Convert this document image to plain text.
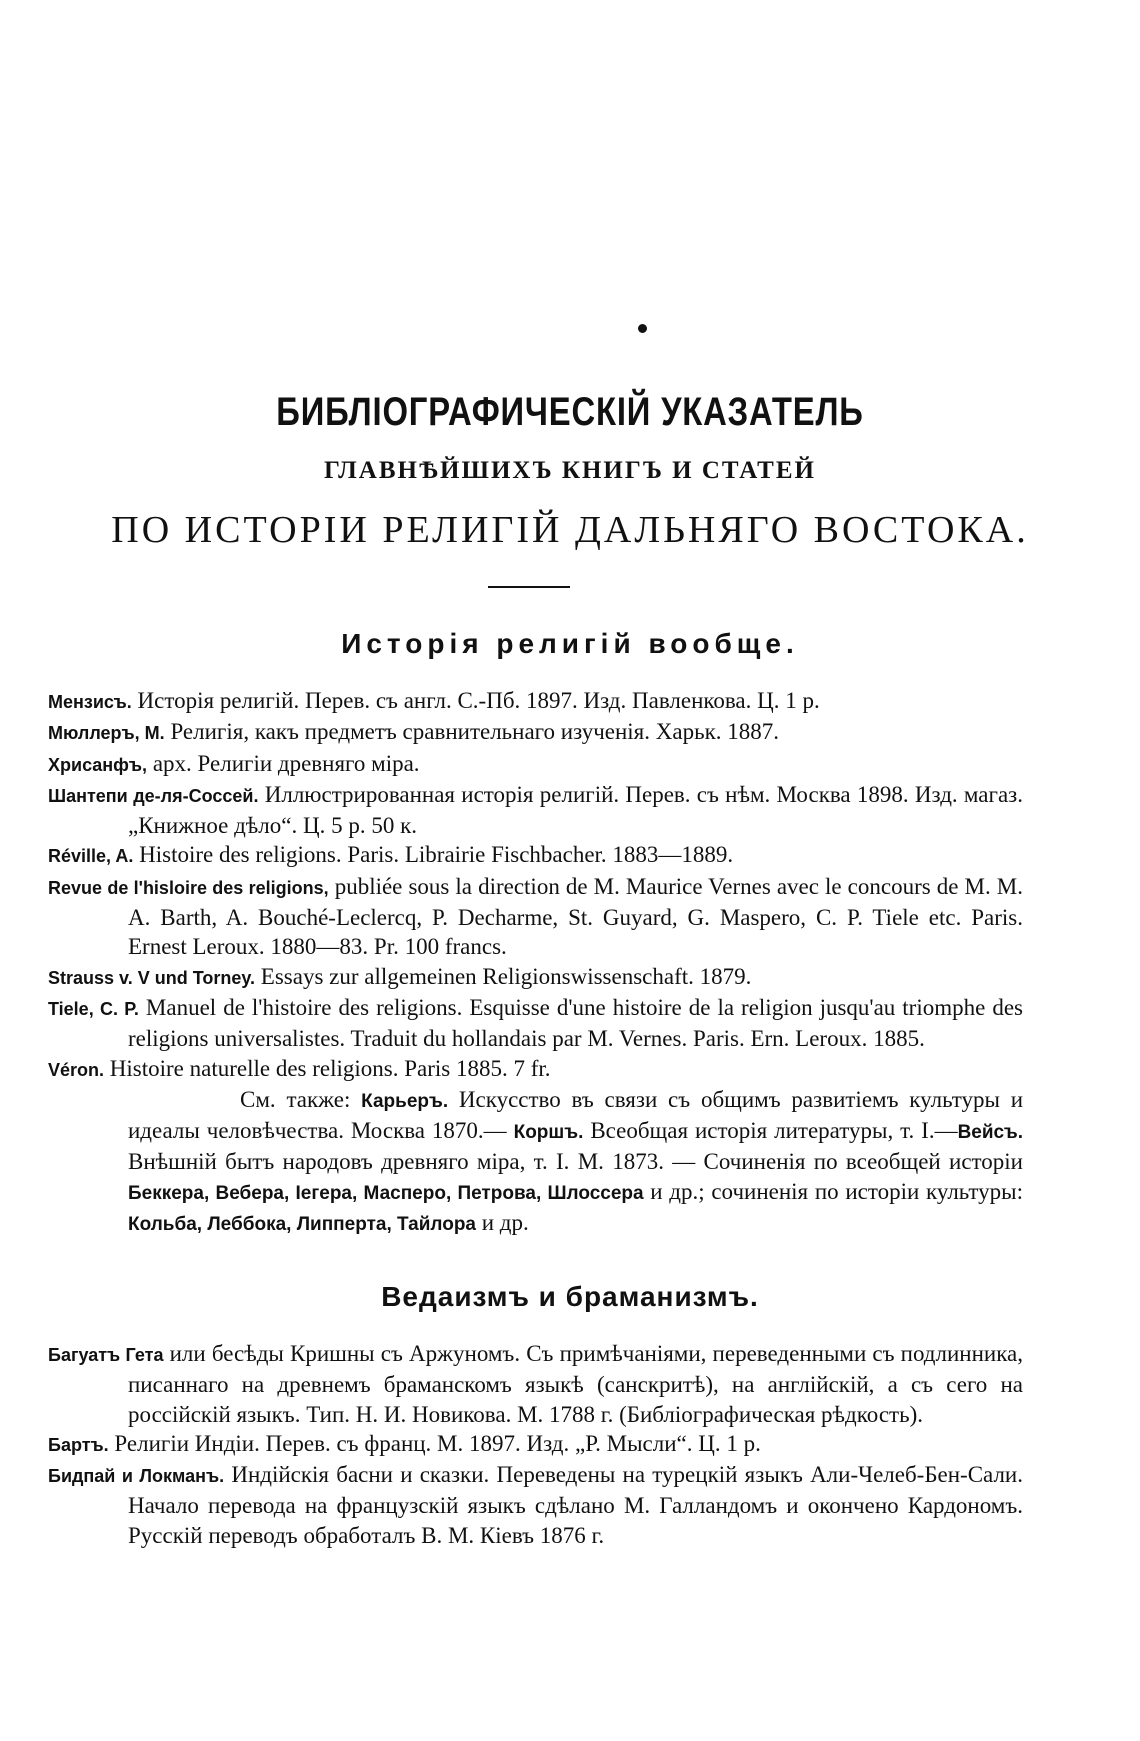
БИБЛІОГРАФИЧЕСКІЙ УКАЗАТЕЛЬ
ГЛАВНѢЙШИХЪ КНИГЪ И СТАТЕЙ
ПО ИСТОРІИ РЕЛИГІЙ ДАЛЬНЯГО ВОСТОКА.
Исторія религій вообще.
Мензисъ. Исторія религій. Перев. съ англ. С.-Пб. 1897. Изд. Павленкова. Ц. 1 р.
Мюллеръ, М. Религія, какъ предметъ сравнительнаго изученія. Харьк. 1887.
Хрисанфъ, арх. Религіи древняго міра.
Шантепи де-ля-Соссей. Иллюстрированная исторія религій. Перев. съ нѣм. Москва 1898. Изд. магаз. „Книжное дѣло“. Ц. 5 р. 50 к.
Réville, A. Histoire des religions. Paris. Librairie Fischbacher. 1883—1889.
Revue de l'hisloire des religions, publiée sous la direction de M. Maurice Vernes avec le concours de M. M. A. Barth, A. Bouché-Leclercq, P. Decharme, St. Guyard, G. Maspero, C. P. Tiele etc. Paris. Ernest Leroux. 1880—83. Pr. 100 francs.
Strauss v. V und Torney. Essays zur allgemeinen Religionswissenschaft. 1879.
Tiele, C. P. Manuel de l'histoire des religions. Esquisse d'une histoire de la religion jusqu'au triomphe des religions universalistes. Traduit du hollandais par M. Vernes. Paris. Ern. Leroux. 1885.
Véron. Histoire naturelle des religions. Paris 1885. 7 fr.
См. также: Карьеръ. Искусство въ связи съ общимъ развитіемъ культуры и идеалы человѣчества. Москва 1870.— Коршъ. Всеобщая исторія литературы, т. I.—Вейсъ. Внѣшній бытъ народовъ древняго міра, т. I. М. 1873. — Сочиненія по всеобщей исторіи Беккера, Вебера, Iегера, Масперо, Петрова, Шлоссера и др.; сочиненія по исторіи культуры: Кольба, Леббока, Липперта, Тайлора и др.
Ведаизмъ и браманизмъ.
Багуатъ Гета или бесѣды Кришны съ Аржуномъ. Съ примѣчаніями, переведенными съ подлинника, писаннаго на древнемъ браманскомъ языкѣ (санскритѣ), на англійскій, а съ сего на россійскій языкъ. Тип. Н. И. Новикова. М. 1788 г. (Библіографическая рѣдкость).
Бартъ. Религіи Индіи. Перев. съ франц. М. 1897. Изд. „Р. Мысли“. Ц. 1 р.
Бидпай и Локманъ. Индійскія басни и сказки. Переведены на турецкій языкъ Али-Челеб-Бен-Сали. Начало перевода на французскій языкъ сдѣлано М. Галландомъ и окончено Кардономъ. Русскій переводъ обработалъ В. М. Кіевъ 1876 г.
